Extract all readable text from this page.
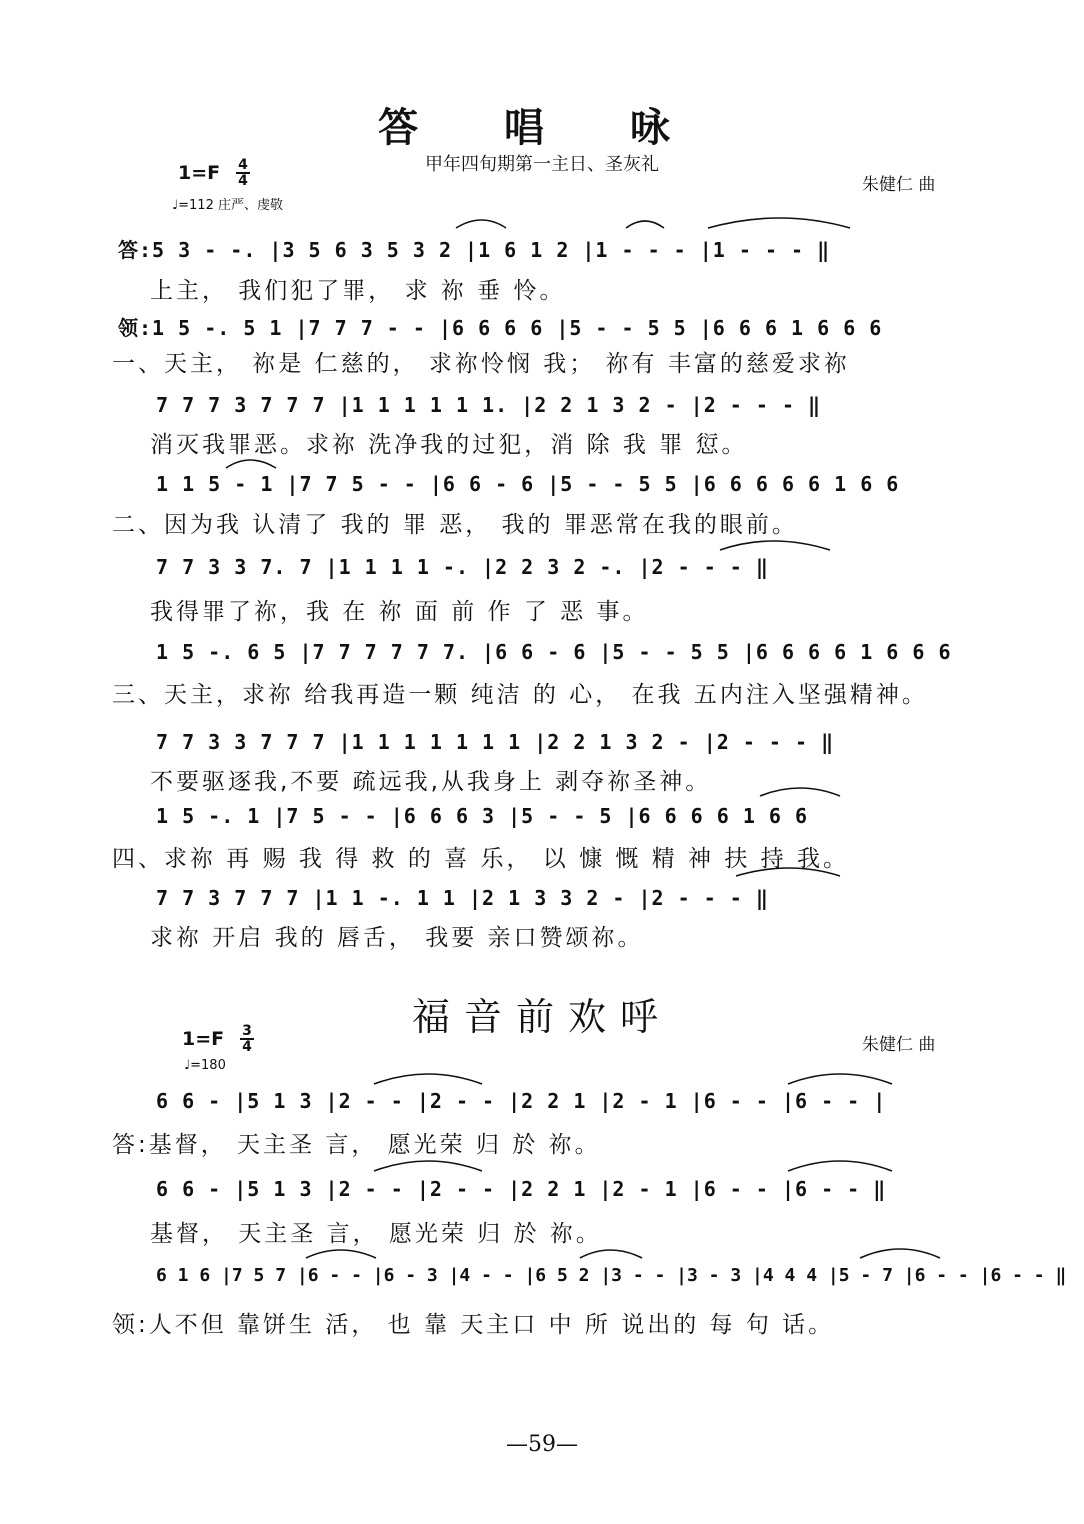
答 唱 咏
甲年四旬期第一主日、圣灰礼
$1=F \frac{4}{4}$
♩=112 庄严、虔敬
朱健仁 曲
答:5 3 - -. |3 5 6 3 5 3 2 |1 6 1 2 |1 - - - |1 - - - ‖
上主， 我们犯了罪， 求 祢 垂 怜。
领:1 5 -. 5 1 |7 7 7 - - |6 6 6 6 |5 - - 5 5 |6 6 6 1 6 6 6
一、天主， 祢是 仁慈的， 求祢怜悯 我； 祢有 丰富的慈爱求祢
7 7 7 3 7 7 7 |1 1 1 1 1 1. |2 2 1 3 2 - |2 - - - ‖
消灭我罪恶。求祢 洗净我的过犯，消 除 我 罪 愆。
1 1 5 - 1 |7 7 5 - - |6 6 - 6 |5 - - 5 5 |6 6 6 6 6 1 6 6
二、因为我 认清了 我的 罪 恶， 我的 罪恶常在我的眼前。
7 7 3 3 7. 7 |1 1 1 1 -. |2 2 3 2 -. |2 - - - ‖
我得罪了祢，我 在 祢 面 前 作 了 恶 事。
1 5 -. 6 5 |7 7 7 7 7 7. |6 6 - 6 |5 - - 5 5 |6 6 6 6 1 6 6 6
三、天主，求祢 给我再造一颗 纯洁 的 心， 在我 五内注入坚强精神。
7 7 3 3 7 7 7 |1 1 1 1 1 1 1 |2 2 1 3 2 - |2 - - - ‖
不要驱逐我,不要 疏远我,从我身上 剥夺祢圣神。
1 5 -. 1 |7 5 - - |6 6 6 3 |5 - - 5 |6 6 6 6 1 6 6
四、求祢 再 赐 我 得 救 的 喜 乐， 以 慷 慨 精 神 扶 持 我。
7 7 3 7 7 7 |1 1 -. 1 1 |2 1 3 3 2 - |2 - - - ‖
求祢 开启 我的 唇舌， 我要 亲口赞颂祢。
福音前欢呼
$1=F \frac{3}{4}$
♩=180
朱健仁 曲
6 6 - |5 1 3 |2 - - |2 - - |2 2 1 |2 - 1 |6 - - |6 - - |
答:基督， 天主圣 言， 愿光荣 归 於 祢。
6 6 - |5 1 3 |2 - - |2 - - |2 2 1 |2 - 1 |6 - - |6 - - ‖
基督， 天主圣 言， 愿光荣 归 於 祢。
6 1 6 |7 5 7 |6 - - |6 - 3 |4 - - |6 5 2 |3 - - |3 - 3 |4 4 4 |5 - 7 |6 - - |6 - - ‖
领:人不但 靠饼生 活， 也 靠 天主口 中 所 说出的 每 句 话。
—59—
